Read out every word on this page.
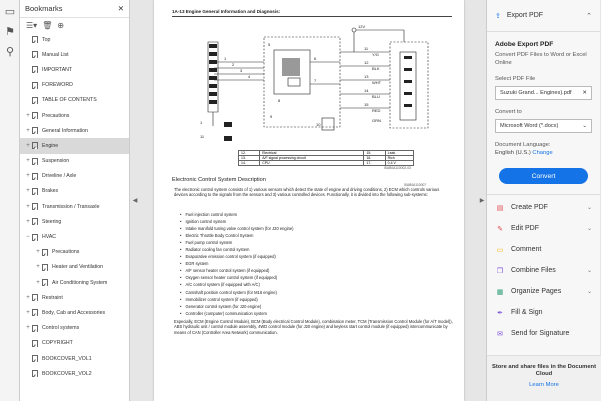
▭
⚑
⚲
Bookmarks	✕
☰▾ 🗑 ⊕
Top
Manual List
IMPORTANT
FOREWORD
TABLE OF CONTENTS
+	Precautions
+	General Information
+	Engine
+	Suspension
+	Driveline / Axle
+	Brakes
+	Transmission / Transaxle
+	Steering
−	HVAC
+	Precautions
+	Heater and Ventilation
+	Air Conditioning System
+	Restraint
+	Body, Cab and Accessories
+	Control systems
COPYRIGHT
BOOKCOVER_VOL1
BOOKCOVER_VOL2
◀
1A-13 Engine General Information and Diagnosis:
1
11
12V
11
12
13
14
15
1
2
3
4
5
6
7
8
9
10
Y/G
BLK
WHT
BLU
RED
GRN
12.	Electrical	15.	Leak
13.	A/F signal processing circuit	16.	Rich
14.	CPU	17.	0.4 V
I5UB0A110002-03
Electronic Control System Description
I5UB0A110007
The electronic control system consists of 1) various sensors which detect the state of engine and driving conditions, 2) ECM which controls various devices according to the signals from the sensors and 3) various controlled devices. Functionally, it is divided into the following sub-systems:
• Fuel injection control system
• Ignition control system
• Intake manifold tuning valve control system (for J20 engine)
• Electric Throttle Body Control System
• Fuel pump control system
• Radiator cooling fan control system
• Evaporative emission control system (if equipped)
• EGR system
• A/F sensor heater control system (if equipped)
• Oxygen sensor heater control system (if equipped)
• A/C control system (if equipped with A/C)
• Camshaft position control system (for M16 engine)
• Immobilizer control system (if equipped)
• Generator control system (for J20 engine)
• Controller (computer) communication system
Especially, ECM (Engine Control Module), BCM (Body electrical Control Module), combination meter, TCM (Transmission Control Module (for A/T model)), ABS hydraulic unit / control module assembly, 4WD control module (for J20 engine) and keyless start control module (if equipped) intercommunicate by means of CAN (Controller Area Network) communication.
▶
⇪ Export PDF	⌃
Adobe Export PDF
Convert PDF Files to Word or Excel Online
Select PDF File
Suzuki Grand... Engines).pdf ✕
Convert to
Microsoft Word (*.docx)	⌄
Document Language:
English (U.S.) Change
Convert
▤ Create PDF	⌄
✎ Edit PDF	⌄
▭ Comment
❐ Combine Files	⌄
▦ Organize Pages	⌄
✒ Fill & Sign
✉ Send for Signature
Store and share files in the Document Cloud
Learn More
